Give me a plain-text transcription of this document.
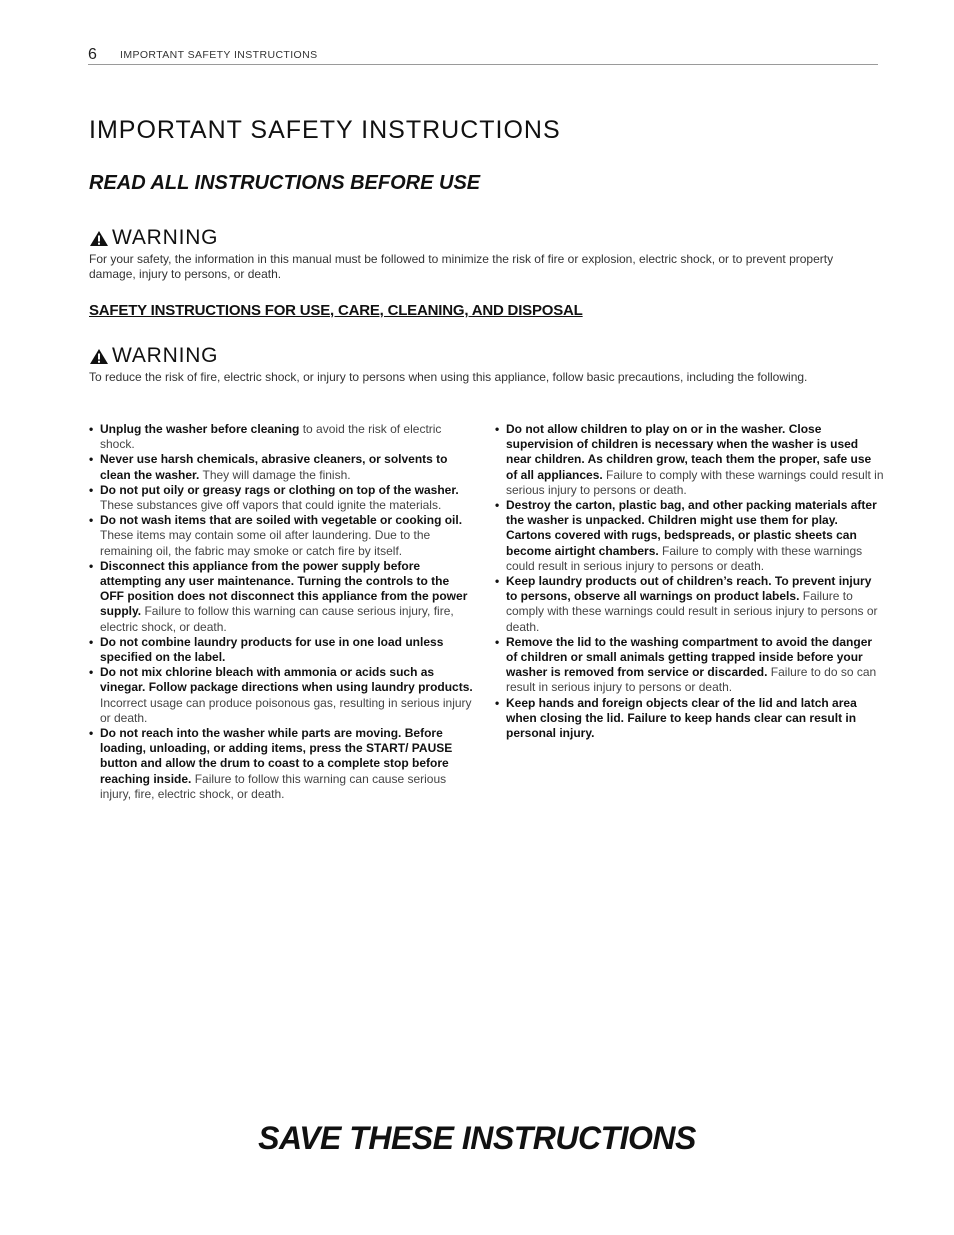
6 IMPORTANT SAFETY INSTRUCTIONS
IMPORTANT SAFETY INSTRUCTIONS
READ ALL INSTRUCTIONS BEFORE USE
WARNING

For your safety, the information in this manual must be followed to minimize the risk of fire or explosion, electric shock, or to prevent property damage, injury to persons, or death.

SAFETY INSTRUCTIONS FOR USE, CARE, CLEANING, AND DISPOSAL

WARNING

To reduce the risk of fire, electric shock, or injury to persons when using this appliance, follow basic precautions, including the following.

• Unplug the washer before cleaning to avoid the risk of electric shock.
• Never use harsh chemicals, abrasive cleaners, or solvents to clean the washer. They will damage the finish.
• Do not put oily or greasy rags or clothing on top of the washer. These substances give off vapors that could ignite the materials.
• Do not wash items that are soiled with vegetable or cooking oil. These items may contain some oil after laundering. Due to the remaining oil, the fabric may smoke or catch fire by itself.
• Disconnect this appliance from the power supply before attempting any user maintenance. Turning the controls to the OFF position does not disconnect this appliance from the power supply. Failure to follow this warning can cause serious injury, fire, electric shock, or death.
• Do not combine laundry products for use in one load unless specified on the label.
• Do not mix chlorine bleach with ammonia or acids such as vinegar. Follow package directions when using laundry products. Incorrect usage can produce poisonous gas, resulting in serious injury or death.
• Do not reach into the washer while parts are moving. Before loading, unloading, or adding items, press the START/ PAUSE button and allow the drum to coast to a complete stop before reaching inside. Failure to follow this warning can cause serious injury, fire, electric shock, or death.
• Do not allow children to play on or in the washer. Close supervision of children is necessary when the washer is used near children. As children grow, teach them the proper, safe use of all appliances. Failure to comply with these warnings could result in serious injury to persons or death.
• Destroy the carton, plastic bag, and other packing materials after the washer is unpacked. Children might use them for play. Cartons covered with rugs, bedspreads, or plastic sheets can become airtight chambers. Failure to comply with these warnings could result in serious injury to persons or death.
• Keep laundry products out of children’s reach. To prevent injury to persons, observe all warnings on product labels. Failure to comply with these warnings could result in serious injury to persons or death.
• Remove the lid to the washing compartment to avoid the danger of children or small animals getting trapped inside before your washer is removed from service or discarded. Failure to do so can result in serious injury to persons or death.
• Keep hands and foreign objects clear of the lid and latch area when closing the lid. Failure to keep hands clear can result in personal injury.

SAVE THESE INSTRUCTIONS
